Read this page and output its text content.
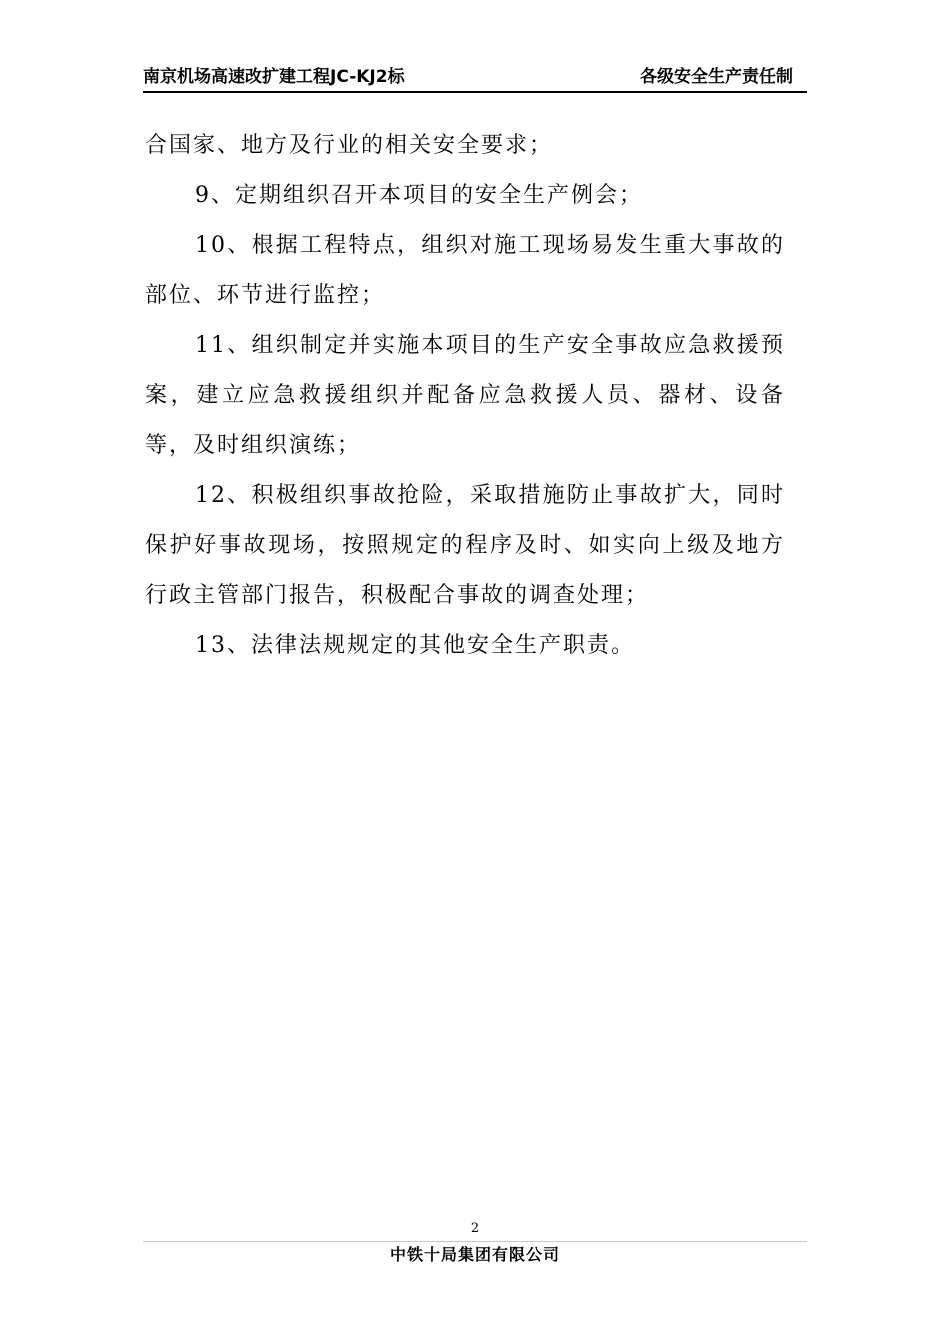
南京机场高速改扩建工程JC-KJ2标	各级安全生产责任制

合国家、地方及行业的相关安全要求；

9、定期组织召开本项目的安全生产例会；

10、根据工程特点，组织对施工现场易发生重大事故的部位、环节进行监控；

11、组织制定并实施本项目的生产安全事故应急救援预案，建立应急救援组织并配备应急救援人员、器材、设备等，及时组织演练；

12、积极组织事故抢险，采取措施防止事故扩大，同时保护好事故现场，按照规定的程序及时、如实向上级及地方行政主管部门报告，积极配合事故的调查处理；

13、法律法规规定的其他安全生产职责。

2
中铁十局集团有限公司
